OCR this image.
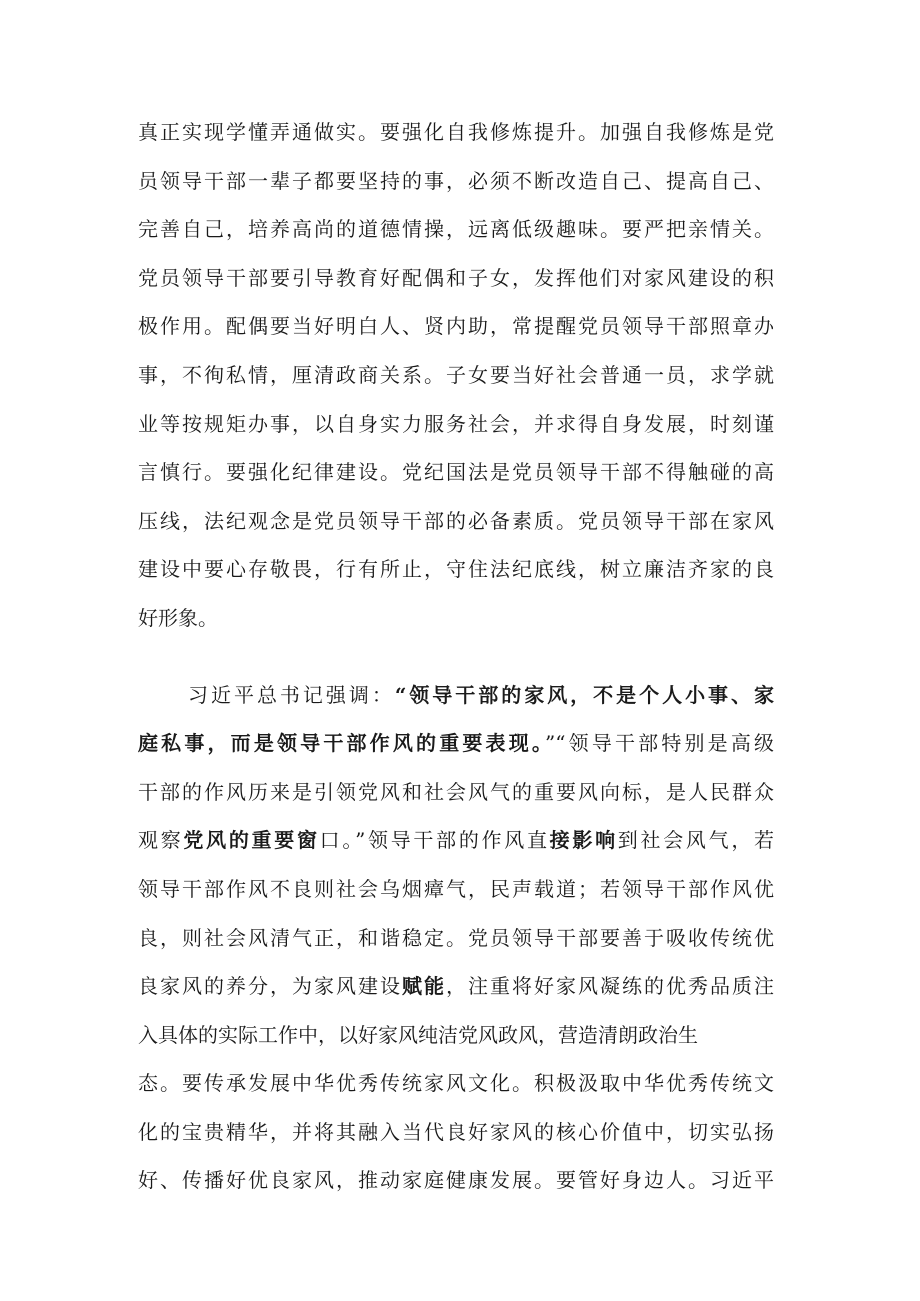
真正实现学懂弄通做实。要强化自我修炼提升。加强自我修炼是党
员领导干部一辈子都要坚持的事，必须不断改造自己、提高自己、
完善自己，培养高尚的道德情操，远离低级趣味。要严把亲情关。
党员领导干部要引导教育好配偶和子女，发挥他们对家风建设的积
极作用。配偶要当好明白人、贤内助，常提醒党员领导干部照章办
事，不徇私情，厘清政商关系。子女要当好社会普通一员，求学就
业等按规矩办事，以自身实力服务社会，并求得自身发展，时刻谨
言慎行。要强化纪律建设。党纪国法是党员领导干部不得触碰的高
压线，法纪观念是党员领导干部的必备素质。党员领导干部在家风
建设中要心存敬畏，行有所止，守住法纪底线，树立廉洁齐家的良
好形象。
习近平总书记强调：“领导干部的家风，不是个人小事、家
庭私事，而是领导干部作风的重要表现。”“领导干部特别是高级
干部的作风历来是引领党风和社会风气的重要风向标，是人民群众
观察党风的重要窗口。”领导干部的作风直接影响到社会风气，若
领导干部作风不良则社会乌烟瘴气，民声载道；若领导干部作风优
良，则社会风清气正，和谐稳定。党员领导干部要善于吸收传统优
良家风的养分，为家风建设赋能，注重将好家风凝练的优秀品质注
入具体的实际工作中，以好家风纯洁党风政风，营造清朗政治生
态。要传承发展中华优秀传统家风文化。积极汲取中华优秀传统文
化的宝贵精华，并将其融入当代良好家风的核心价值中，切实弘扬
好、传播好优良家风，推动家庭健康发展。要管好身边人。习近平
